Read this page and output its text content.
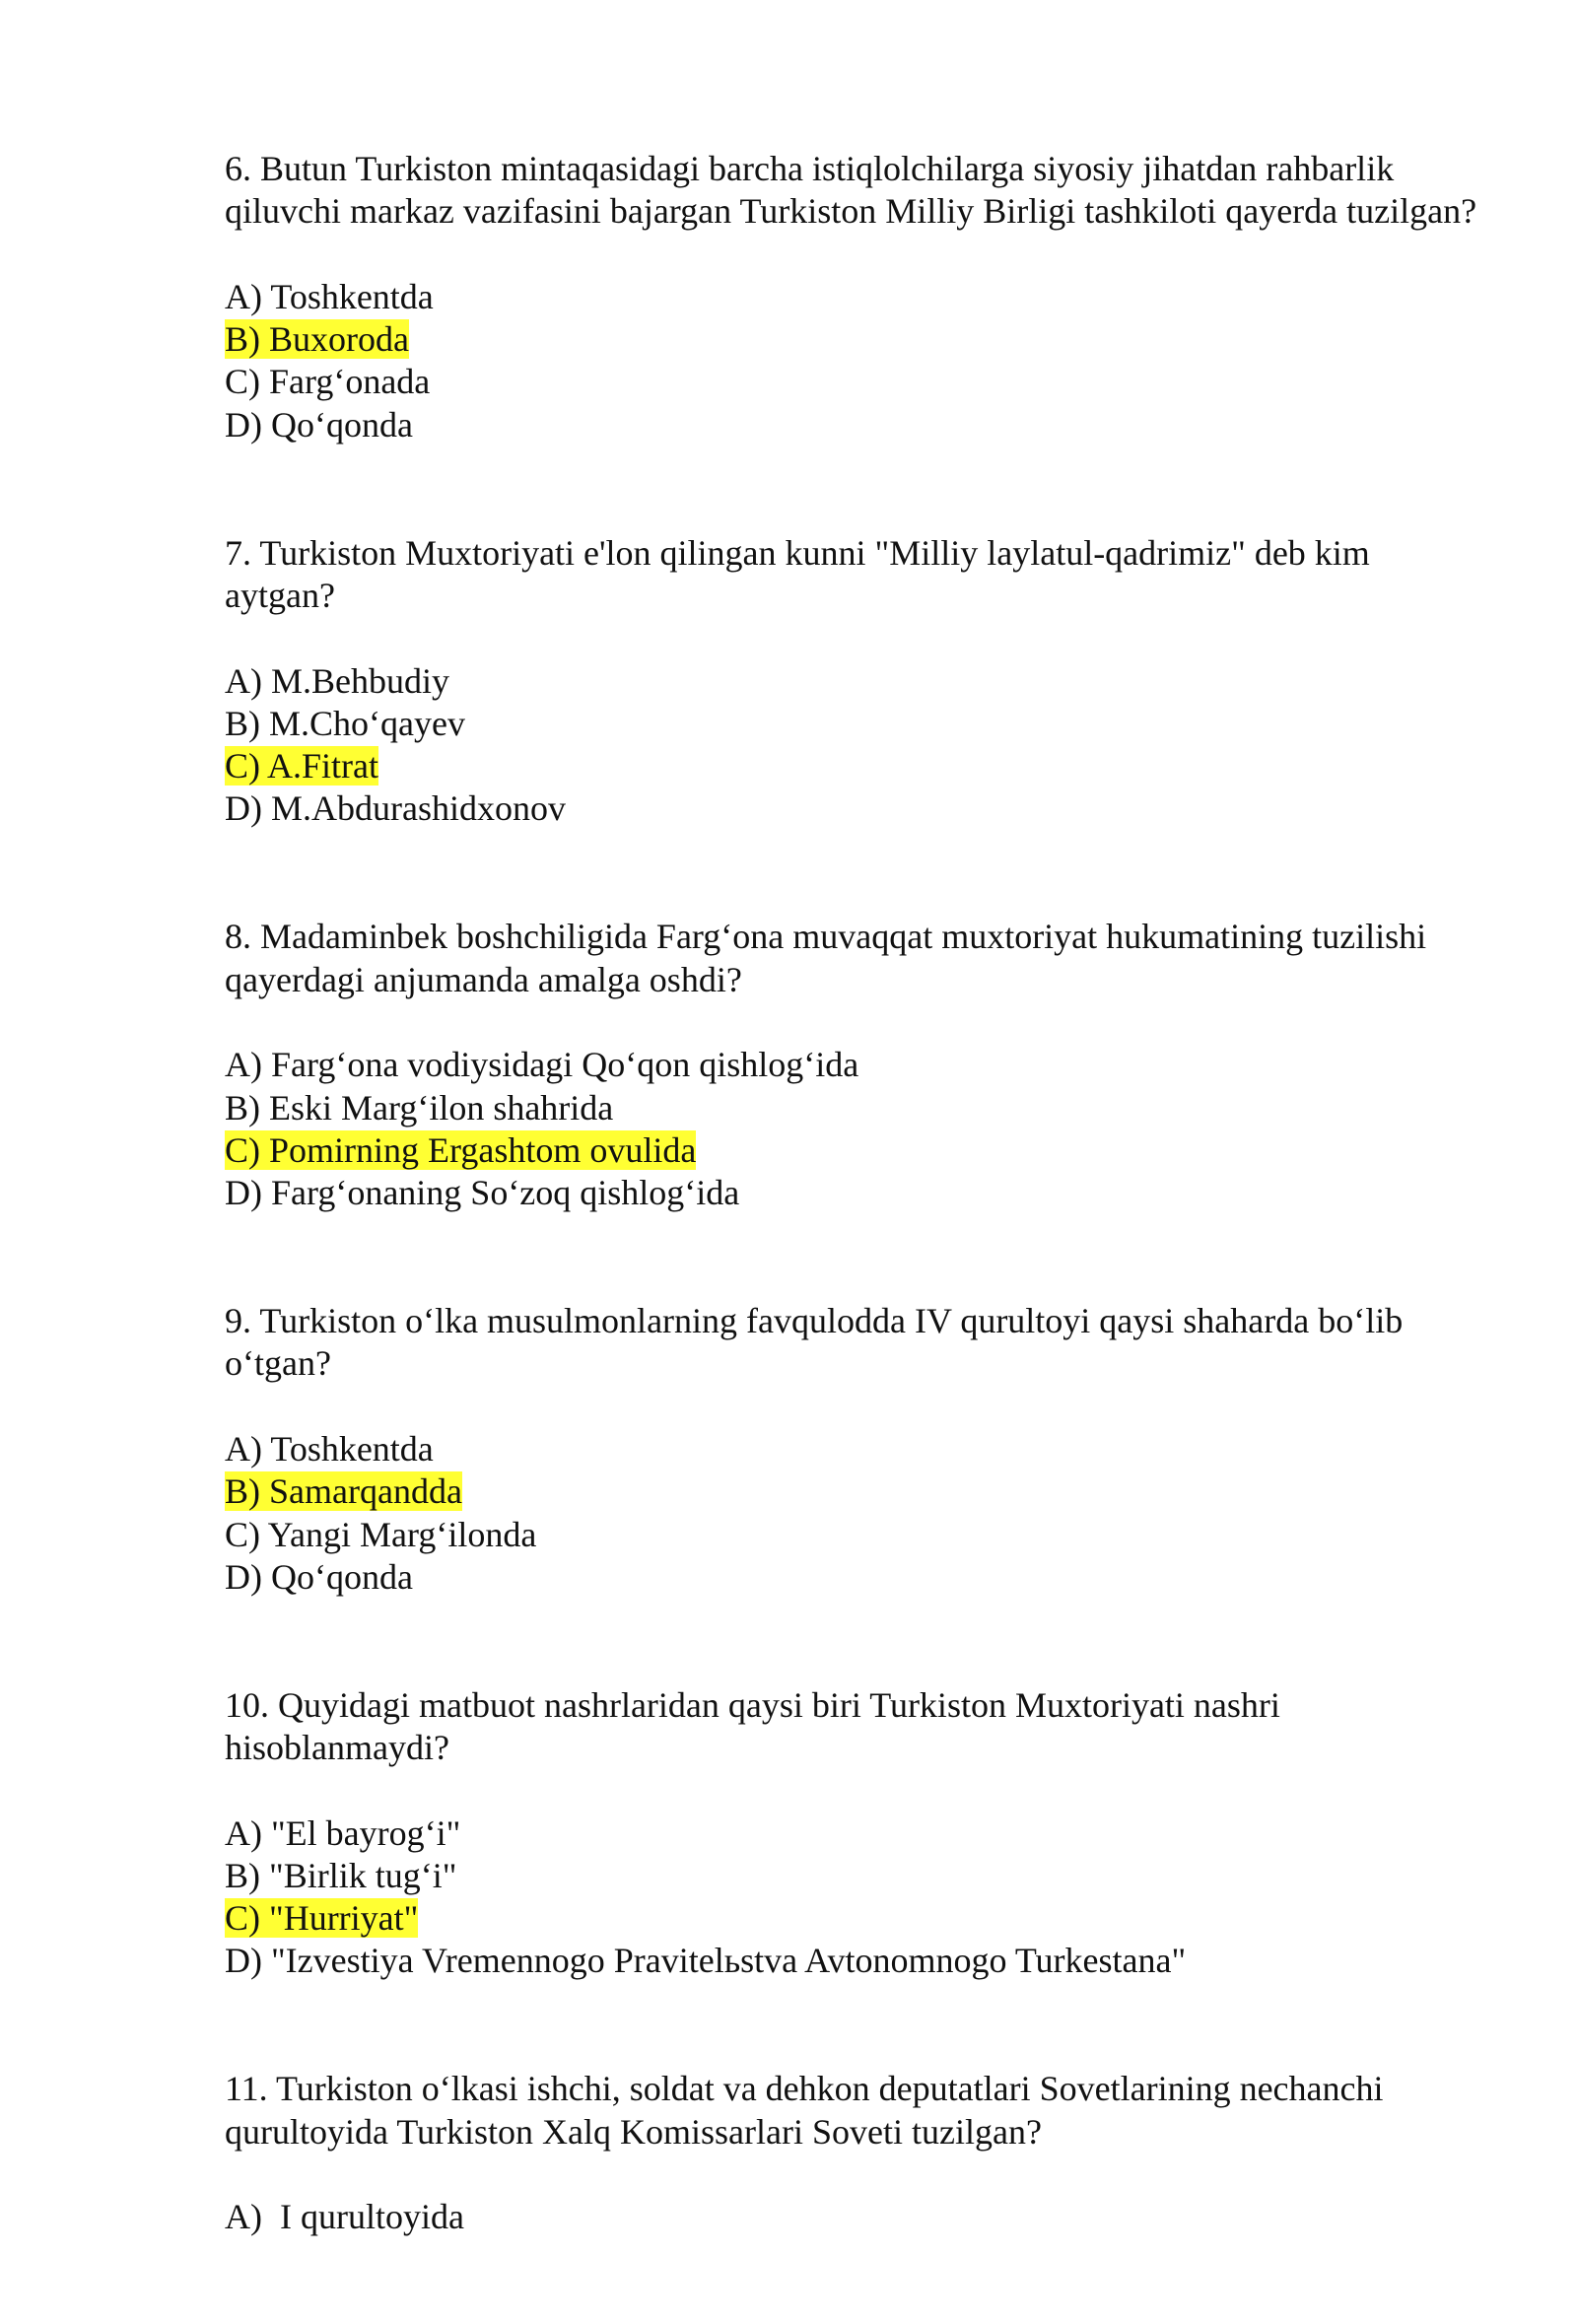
6. Butun Turkiston mintaqasidagi barcha istiqlolchilarga siyosiy jihatdan rahbarlik qiluvchi markaz vazifasini bajargan Turkiston Milliy Birligi tashkiloti qayerda tuzilgan?

A) Toshkentda
B) Buxoroda
C) Farg‘onada
D) Qo‘qonda

7. Turkiston Muxtoriyati e'lon qilingan kunni "Milliy laylatul-qadrimiz" deb kim aytgan?

A) M.Behbudiy
B) M.Cho‘qayev
C) A.Fitrat
D) M.Abdurashidxonov

8. Madaminbek boshchiligida Farg‘ona muvaqqat muxtoriyat hukumatining tuzilishi qayerdagi anjumanda amalga oshdi?

A) Farg‘ona vodiysidagi Qo‘qon qishlog‘ida
B) Eski Marg‘ilon shahrida
C) Pomirning Ergashtom ovulida
D) Farg‘onaning So‘zoq qishlog‘ida

9. Turkiston o‘lka musulmonlarning favqulodda IV qurultoyi qaysi shaharda bo‘lib o‘tgan?

A) Toshkentda
B) Samarqandda
C) Yangi Marg‘ilonda
D) Qo‘qonda

10. Quyidagi matbuot nashrlaridan qaysi biri Turkiston Muxtoriyati nashri hisoblanmaydi?

A) "El bayrog‘i"
B) "Birlik tug‘i"
C) "Hurriyat"
D) "Izvestiya Vremennogo Pravitelьstva Avtonomnogo Turkestana"

11. Turkiston o‘lkasi ishchi, soldat va dehkon deputatlari Sovetlarining nechanchi qurultoyida Turkiston Xalq Komissarlari Soveti tuzilgan?

A)  I qurultoyida
